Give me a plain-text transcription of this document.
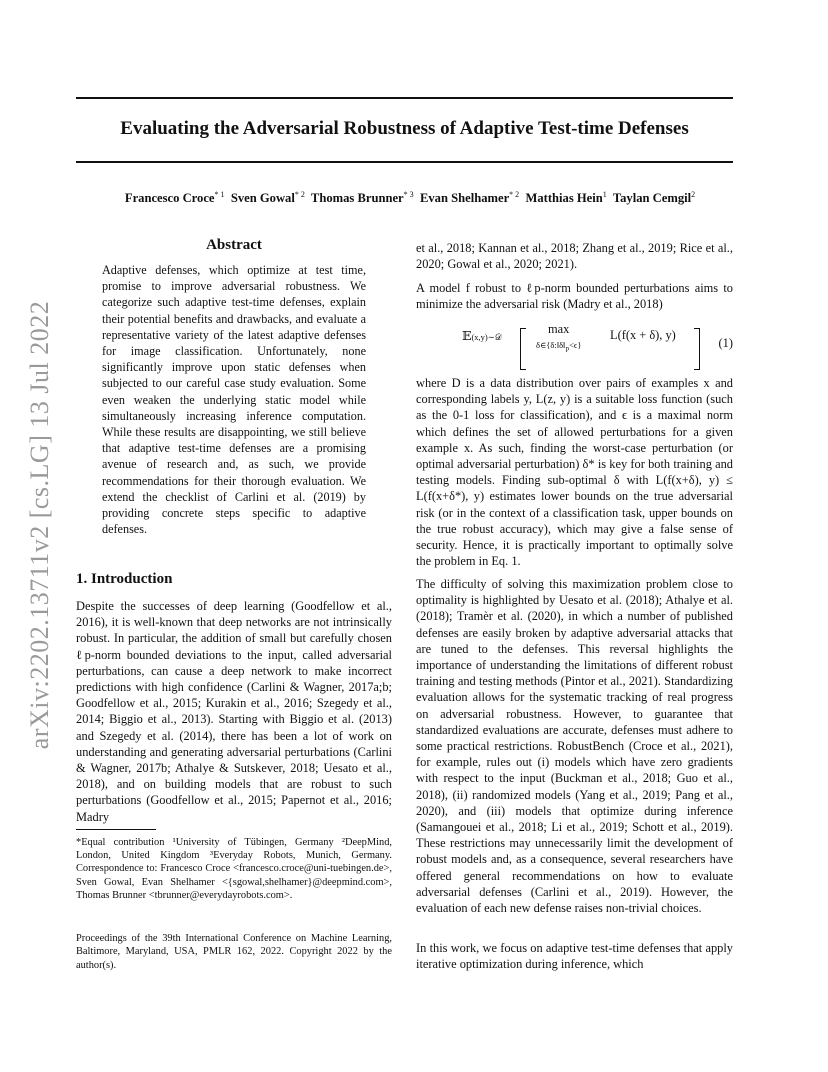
Evaluating the Adversarial Robustness of Adaptive Test-time Defenses
Francesco Croce$^{* 1}$ Sven Gowal$^{* 2}$ Thomas Brunner$^{* 3}$ Evan Shelhamer$^{* 2}$ Matthias Hein$^1$ Taylan Cemgil$^2$
arXiv:2202.13711v2 [cs.LG] 13 Jul 2022
Abstract
Adaptive defenses, which optimize at test time, promise to improve adversarial robustness. We categorize such adaptive test-time defenses, explain their potential benefits and drawbacks, and evaluate a representative variety of the latest adaptive defenses for image classification. Unfortunately, none significantly improve upon static defenses when subjected to our careful case study evaluation. Some even weaken the underlying static model while simultaneously increasing inference computation. While these results are disappointing, we still believe that adaptive test-time defenses are a promising avenue of research and, as such, we provide recommendations for their thorough evaluation. We extend the checklist of Carlini et al. (2019) by providing concrete steps specific to adaptive defenses.
1. Introduction
Despite the successes of deep learning (Goodfellow et al., 2016), it is well-known that deep networks are not intrinsically robust. In particular, the addition of small but carefully chosen ℓp-norm bounded deviations to the input, called adversarial perturbations, can cause a deep network to make incorrect predictions with high confidence (Carlini & Wagner, 2017a;b; Goodfellow et al., 2015; Kurakin et al., 2016; Szegedy et al., 2014; Biggio et al., 2013). Starting with Biggio et al. (2013) and Szegedy et al. (2014), there has been a lot of work on understanding and generating adversarial perturbations (Carlini & Wagner, 2017b; Athalye & Sutskever, 2018; Uesato et al., 2018), and on building models that are robust to such perturbations (Goodfellow et al., 2015; Papernot et al., 2016; Madry
*Equal contribution ¹University of Tübingen, Germany ²DeepMind, London, United Kingdom ³Everyday Robots, Munich, Germany. Correspondence to: Francesco Croce <francesco.croce@uni-tuebingen.de>, Sven Gowal, Evan Shelhamer <{sgowal,shelhamer}@deepmind.com>, Thomas Brunner <tbrunner@everydayrobots.com>.
Proceedings of the 39th International Conference on Machine Learning, Baltimore, Maryland, USA, PMLR 162, 2022. Copyright 2022 by the author(s).
et al., 2018; Kannan et al., 2018; Zhang et al., 2019; Rice et al., 2020; Gowal et al., 2020; 2021).
A model f robust to ℓp-norm bounded perturbations aims to minimize the adversarial risk (Madry et al., 2018)
𝔼(x,y)∼𝒟
max
$\delta\in\{\delta:‖\delta‖_p<\epsilon\}$
L(f(x + δ), y)
(1)
where D is a data distribution over pairs of examples x and corresponding labels y, L(z, y) is a suitable loss function (such as the 0-1 loss for classification), and ϵ is a maximal norm which defines the set of allowed perturbations for a given example x. As such, finding the worst-case perturbation (or optimal adversarial perturbation) δ* is key for both training and testing models. Finding sub-optimal δ with L(f(x+δ), y) ≤ L(f(x+δ*), y) estimates lower bounds on the true adversarial risk (or in the context of a classification task, upper bounds on the true robust accuracy), which may give a false sense of security. Hence, it is practically important to optimally solve the problem in Eq. 1.
The difficulty of solving this maximization problem close to optimality is highlighted by Uesato et al. (2018); Athalye et al. (2018); Tramèr et al. (2020), in which a number of published defenses are easily broken by adaptive adversarial attacks that are tuned to the defenses. This reversal highlights the importance of understanding the limitations of different robust training and testing methods (Pintor et al., 2021). Standardizing evaluation allows for the systematic tracking of real progress on adversarial robustness. However, to guarantee that standardized evaluations are accurate, defenses must adhere to some practical restrictions. RobustBench (Croce et al., 2021), for example, rules out (i) models which have zero gradients with respect to the input (Buckman et al., 2018; Guo et al., 2018), (ii) randomized models (Yang et al., 2019; Pang et al., 2020), and (iii) models that optimize during inference (Samangouei et al., 2018; Li et al., 2019; Schott et al., 2019). These restrictions may unnecessarily limit the development of robust models and, as a consequence, several researchers have offered general recommendations on how to evaluate adversarial defenses (Carlini et al., 2019). However, the evaluation of each new defense raises non-trivial choices.
In this work, we focus on adaptive test-time defenses that apply iterative optimization during inference, which
